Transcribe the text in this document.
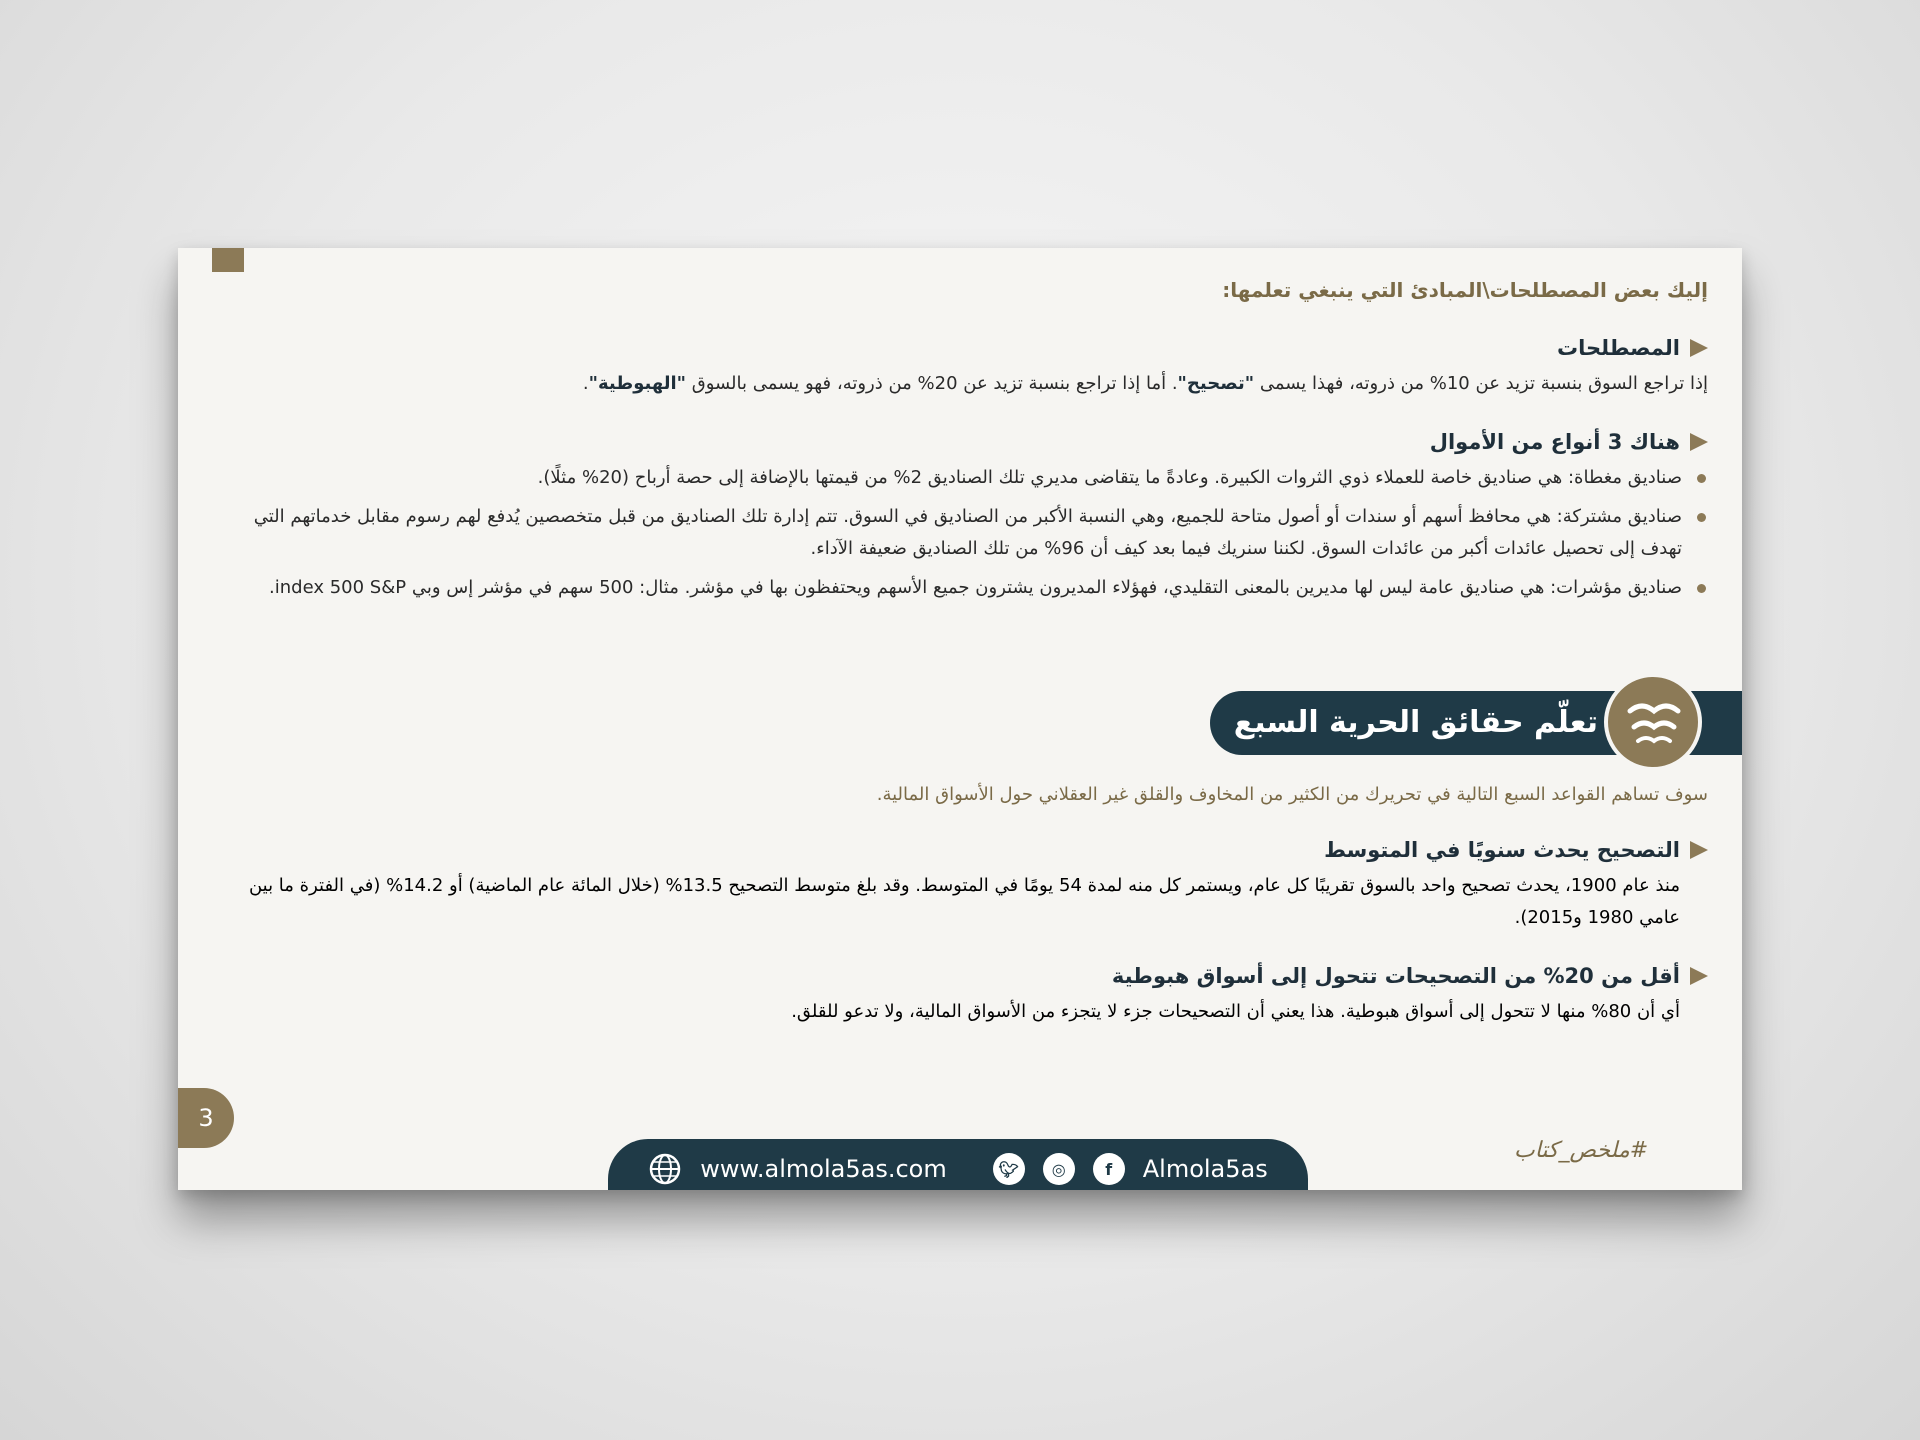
إليك بعض المصطلحات\المبادئ التي ينبغي تعلمها:

المصطلحات

إذا تراجع السوق بنسبة تزيد عن 10% من ذروته، فهذا يسمى "تصحيح". أما إذا تراجع بنسبة تزيد عن 20% من ذروته، فهو يسمى بالسوق "الهبوطية".

هناك 3 أنواع من الأموال
صناديق مغطاة: هي صناديق خاصة للعملاء ذوي الثروات الكبيرة. وعادةً ما يتقاضى مديري تلك الصناديق 2% من قيمتها بالإضافة إلى حصة أرباح (20% مثلًا).
صناديق مشتركة: هي محافظ أسهم أو سندات أو أصول متاحة للجميع، وهي النسبة الأكبر من الصناديق في السوق. تتم إدارة تلك الصناديق من قبل متخصصين يُدفع لهم رسوم مقابل خدماتهم التي تهدف إلى تحصيل عائدات أكبر من عائدات السوق. لكننا سنريك فيما بعد كيف أن 96% من تلك الصناديق ضعيفة الآداء.
صناديق مؤشرات: هي صناديق عامة ليس لها مديرين بالمعنى التقليدي، فهؤلاء المديرون يشترون جميع الأسهم ويحتفظون بها في مؤشر. مثال: 500 سهم في مؤشر إس وبي index 500 S&P.
تعلّم حقائق الحرية السبع
سوف تساهم القواعد السبع التالية في تحريرك من الكثير من المخاوف والقلق غير العقلاني حول الأسواق المالية.
التصحيح يحدث سنويًا في المتوسط

منذ عام 1900، يحدث تصحيح واحد بالسوق تقريبًا كل عام، ويستمر كل منه لمدة 54 يومًا في المتوسط. وقد بلغ متوسط التصحيح 13.5% (خلال المائة عام الماضية) أو 14.2% (في الفترة ما بين عامي 1980 و2015).

أقل من 20% من التصحيحات تتحول إلى أسواق هبوطية

أي أن 80% منها لا تتحول إلى أسواق هبوطية. هذا يعني أن التصحيحات جزء لا يتجزء من الأسواق المالية، ولا تدعو للقلق.

3
www.almola5as.com	🐦︎	◎	f	Almola5as
#ملخص_كتاب
